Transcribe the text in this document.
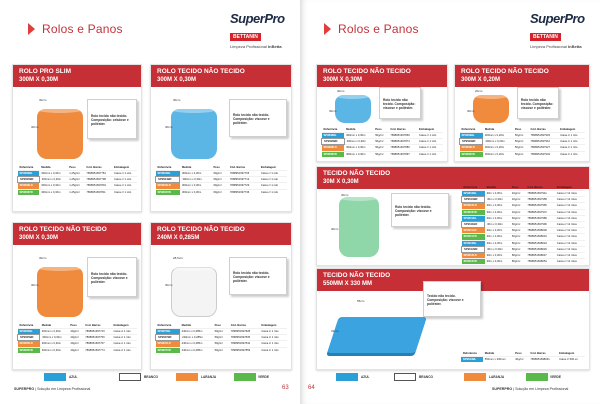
Rolos e Panos
SuperPro
BETTANIN
Limpeza Profissional InBetta
ROLO PRO SLIM
300M X 0,30M
30cm
30cm
Rolo tecido não tecido. Composição: celulose e poliéster.
Referência	Medida	Peso	Cód. Barras	Embalagem
SP9606BL	300mm x 0,30m	1,25g/m²	7898951697781	Caixa c/ 1 rolo
SP9606BR	300mm x 0,30m	1,25g/m²	7898951697798	Caixa c/ 1 rolo
SP9606LR	300mm x 0,30m	1,25g/m²	7898951697804	Caixa c/ 1 rolo
SP9606VD	300mm x 0,30m	1,25g/m²	7898951697811	Caixa c/ 1 rolo
ROLO TECIDO NÃO TECIDO
300M X 0,30M
30cm
30cm
Rolo tecido não tecido. Composição: viscose e poliéster.
Referência	Medida	Peso	Cód. Barras	Embalagem
SP9604BL	300mm x 0,30m	60g/m²	7898951697705	Caixa c/ 1 rolo
SP9604BR	300mm x 0,30m	60g/m²	7898951697712	Caixa c/ 1 rolo
SP9604LR	300mm x 0,30m	60g/m²	7898951697729	Caixa c/ 1 rolo
SP9604VD	300mm x 0,30m	60g/m²	7898951697736	Caixa c/ 1 rolo
ROLO TECIDO NÃO TECIDO
300M X 0,30M
30cm
30cm
Rolo tecido não tecido. Composição: viscose e poliéster.
Referência	Medida	Peso	Cód. Barras	Embalagem
SP9605BL	300mm x 0,30m	40g/m²	7898951697743	Caixa c/ 1 rolo
SP9605BR	300mm x 0,30m	40g/m²	7898951697750	Caixa c/ 1 rolo
SP9605LR	300mm x 0,30m	40g/m²	7898951697767	Caixa c/ 1 rolo
SP9605VD	300mm x 0,30m	40g/m²	7898951697774	Caixa c/ 1 rolo
ROLO TECIDO NÃO TECIDO
240M X 0,285M
28,5cm
30cm
Rolo tecido não tecido. Composição: viscose e poliéster.
Referência	Medida	Peso	Cód. Barras	Embalagem
SP9607BL	240mm x 0,285m	50g/m²	7898951697828	Caixa c/ 1 rolo
SP9607BR	240mm x 0,285m	50g/m²	7898951697835	Caixa c/ 1 rolo
SP9607LR	240mm x 0,285m	50g/m²	7898951697842	Caixa c/ 1 rolo
SP9607VD	240mm x 0,285m	50g/m²	7898951697859	Caixa c/ 1 rolo
AZUL	BRANCO	LARANJA	VERDE
SUPERPRO | Solução em Limpeza Profissional	63
Rolos e Panos
SuperPro
BETTANIN
Limpeza Profissional InBetta
ROLO TECIDO NÃO TECIDO
300M X 0,30M
30cm
30cm
Rolo tecido não tecido. Composição: viscose e poliéster.
Referência	Medida	Peso	Cód. Barras	Embalagem
SP9608BL	300mm x 0,30m	50g/m²	7898951697866	Caixa c/ 1 rolo
SP9608BR	300mm x 0,30m	50g/m²	7898951697873	Caixa c/ 1 rolo
SP9608LR	300mm x 0,30m	50g/m²	7898951697880	Caixa c/ 1 rolo
SP9608VD	300mm x 0,30m	50g/m²	7898951697897	Caixa c/ 1 rolo
ROLO TECIDO NÃO TECIDO
300M X 0,20M
20cm
30cm
Rolo tecido não tecido. Composição: viscose e poliéster.
Referência	Medida	Peso	Cód. Barras	Embalagem
SP9609BL	300mm x 0,20m	50g/m²	7898951697903	Caixa c/ 1 rolo
SP9609BR	300mm x 0,20m	50g/m²	7898951697910	Caixa c/ 1 rolo
SP9609LR	300mm x 0,20m	50g/m²	7898951697927	Caixa c/ 1 rolo
SP9609VD	300mm x 0,20m	50g/m²	7898951697934	Caixa c/ 1 rolo
TECIDO NÃO TECIDO
30M X 0,30M
30cm
30cm
Rolo tecido não tecido. Composição: viscose e poliéster.
Referência	Medida	Peso	Cód. Barras	Embalagem
SP9610BL	30m x 0,30m	40g/m²	7898951697941	Caixa c/ 12 rolos
SP9610BR	30m x 0,30m	40g/m²	7898951697958	Caixa c/ 12 rolos
SP9610LR	30m x 0,30m	40g/m²	7898951697965	Caixa c/ 12 rolos
SP9610VD	30m x 0,30m	40g/m²	7898951697972	Caixa c/ 12 rolos
SP9611BL	30m x 0,30m	60g/m²	7898951697989	Caixa c/ 12 rolos
SP9611BR	30m x 0,30m	60g/m²	7898951697996	Caixa c/ 12 rolos
SP9611LR	30m x 0,30m	60g/m²	7898951698009	Caixa c/ 12 rolos
SP9611VD	30m x 0,30m	60g/m²	7898951698016	Caixa c/ 12 rolos
SP9612BL	30m x 0,30m	80g/m²	7898951698023	Caixa c/ 12 rolos
SP9612BR	30m x 0,30m	80g/m²	7898951698030	Caixa c/ 12 rolos
SP9612LR	30m x 0,30m	80g/m²	7898951698047	Caixa c/ 12 rolos
SP9612VD	30m x 0,30m	80g/m²	7898951698054	Caixa c/ 12 rolos
TECIDO NÃO TECIDO
550MM X 330 MM
55cm
33cm
Tecido não tecido. Composição: viscose e poliéster.
Referência	Medida	Peso	Cód. Barras	Embalagem
SP9613BL	550mm x 330mm	40g/m²	7898951698061	Caixa c/ 500 un
AZUL	BRANCO	LARANJA	VERDE
64	SUPERPRO | Solução em Limpeza Profissional
